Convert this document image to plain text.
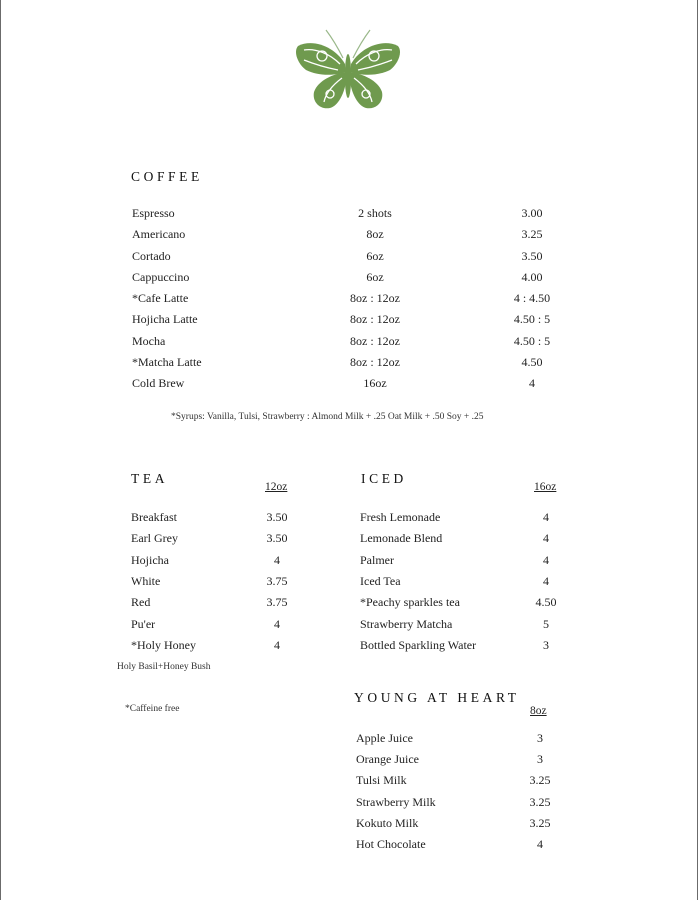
COFFEE
Espresso	2 shots	3.00
Americano	8oz	3.25
Cortado	6oz	3.50
Cappuccino	6oz	4.00
*Cafe Latte	8oz : 12oz	4 : 4.50
Hojicha Latte	8oz : 12oz	4.50 : 5
Mocha	8oz : 12oz	4.50 : 5
*Matcha Latte	8oz : 12oz	4.50
Cold Brew	16oz	4
*Syrups: Vanilla, Tulsi, Strawberry : Almond Milk + .25 Oat Milk + .50 Soy + .25
TEA
12oz
Breakfast	3.50
Earl Grey	3.50
Hojicha	4
White	3.75
Red	3.75
Pu'er	4
*Holy Honey	4
Holy Basil+Honey Bush
*Caffeine free
ICED
16oz
Fresh Lemonade	4
Lemonade Blend	4
Palmer	4
Iced Tea	4
*Peachy sparkles tea	4.50
Strawberry Matcha	5
Bottled Sparkling Water	3
YOUNG AT HEART
8oz
Apple Juice	3
Orange Juice	3
Tulsi Milk	3.25
Strawberry Milk	3.25
Kokuto Milk	3.25
Hot Chocolate	4
